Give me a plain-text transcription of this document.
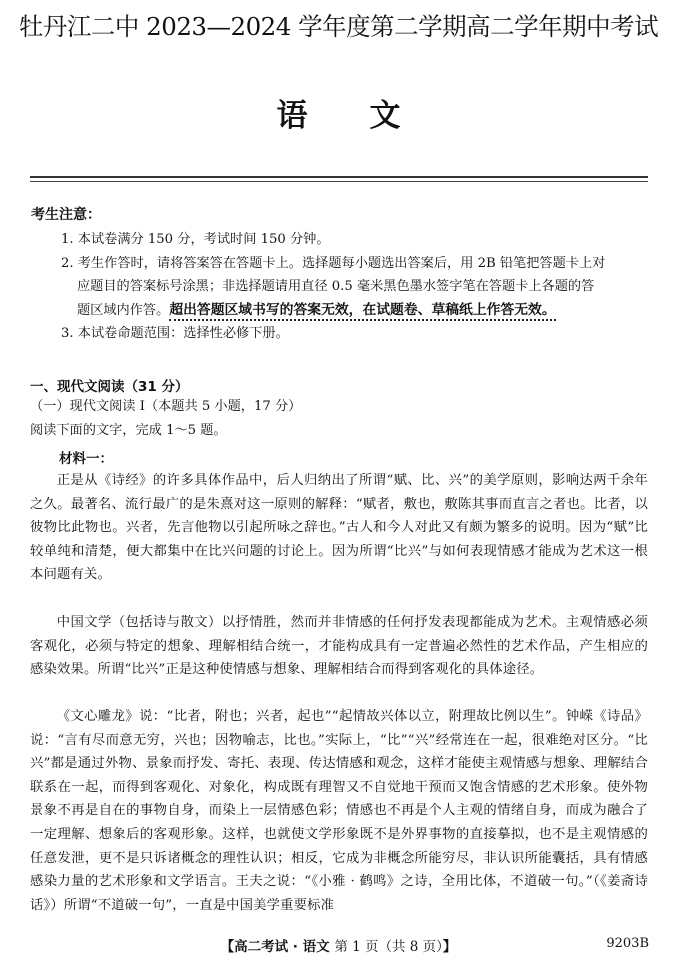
牡丹江二中 2023—2024 学年度第二学期高二学年期中考试
语文
考生注意：
1. 本试卷满分 150 分，考试时间 150 分钟。
2. 考生作答时，请将答案答在答题卡上。选择题每小题选出答案后，用 2B 铅笔把答题卡上对
应题目的答案标号涂黑；非选择题请用直径 0.5 毫米黑色墨水签字笔在答题卡上各题的答
题区域内作答。超出答题区域书写的答案无效，在试题卷、草稿纸上作答无效。
3. 本试卷命题范围：选择性必修下册。
一、现代文阅读（31 分）
（一）现代文阅读 Ⅰ（本题共 5 小题，17 分）
阅读下面的文字，完成 1～5 题。
材料一：
正是从《诗经》的许多具体作品中，后人归纳出了所谓“赋、比、兴”的美学原则，影响达两千余年之久。最著名、流行最广的是朱熹对这一原则的解释：“赋者，敷也，敷陈其事而直言之者也。比者，以彼物比此物也。兴者，先言他物以引起所咏之辞也。”古人和今人对此又有颇为繁多的说明。因为“赋”比较单纯和清楚，便大都集中在比兴问题的讨论上。因为所谓“比兴”与如何表现情感才能成为艺术这一根本问题有关。
中国文学（包括诗与散文）以抒情胜，然而并非情感的任何抒发表现都能成为艺术。主观情感必须客观化，必须与特定的想象、理解相结合统一，才能构成具有一定普遍必然性的艺术作品，产生相应的感染效果。所谓“比兴”正是这种使情感与想象、理解相结合而得到客观化的具体途径。
《文心雕龙》说：“比者，附也；兴者，起也”“起情故兴体以立，附理故比例以生”。钟嵘《诗品》说：“言有尽而意无穷，兴也；因物喻志，比也。”实际上，“比”“兴”经常连在一起，很难绝对区分。“比兴”都是通过外物、景象而抒发、寄托、表现、传达情感和观念，这样才能使主观情感与想象、理解结合联系在一起，而得到客观化、对象化，构成既有理智又不自觉地干预而又饱含情感的艺术形象。使外物景象不再是自在的事物自身，而染上一层情感色彩；情感也不再是个人主观的情绪自身，而成为融合了一定理解、想象后的客观形象。这样，也就使文学形象既不是外界事物的直接摹拟，也不是主观情感的任意发泄，更不是只诉诸概念的理性认识；相反，它成为非概念所能穷尽，非认识所能囊括，具有情感感染力量的艺术形象和文学语言。王夫之说：“《小雅 · 鹤鸣》之诗，全用比体，不道破一句。”（《姜斋诗话》）所谓“不道破一句”，一直是中国美学重要标准
【高二考试 · 语文 第 1 页（共 8 页）】	9203B
